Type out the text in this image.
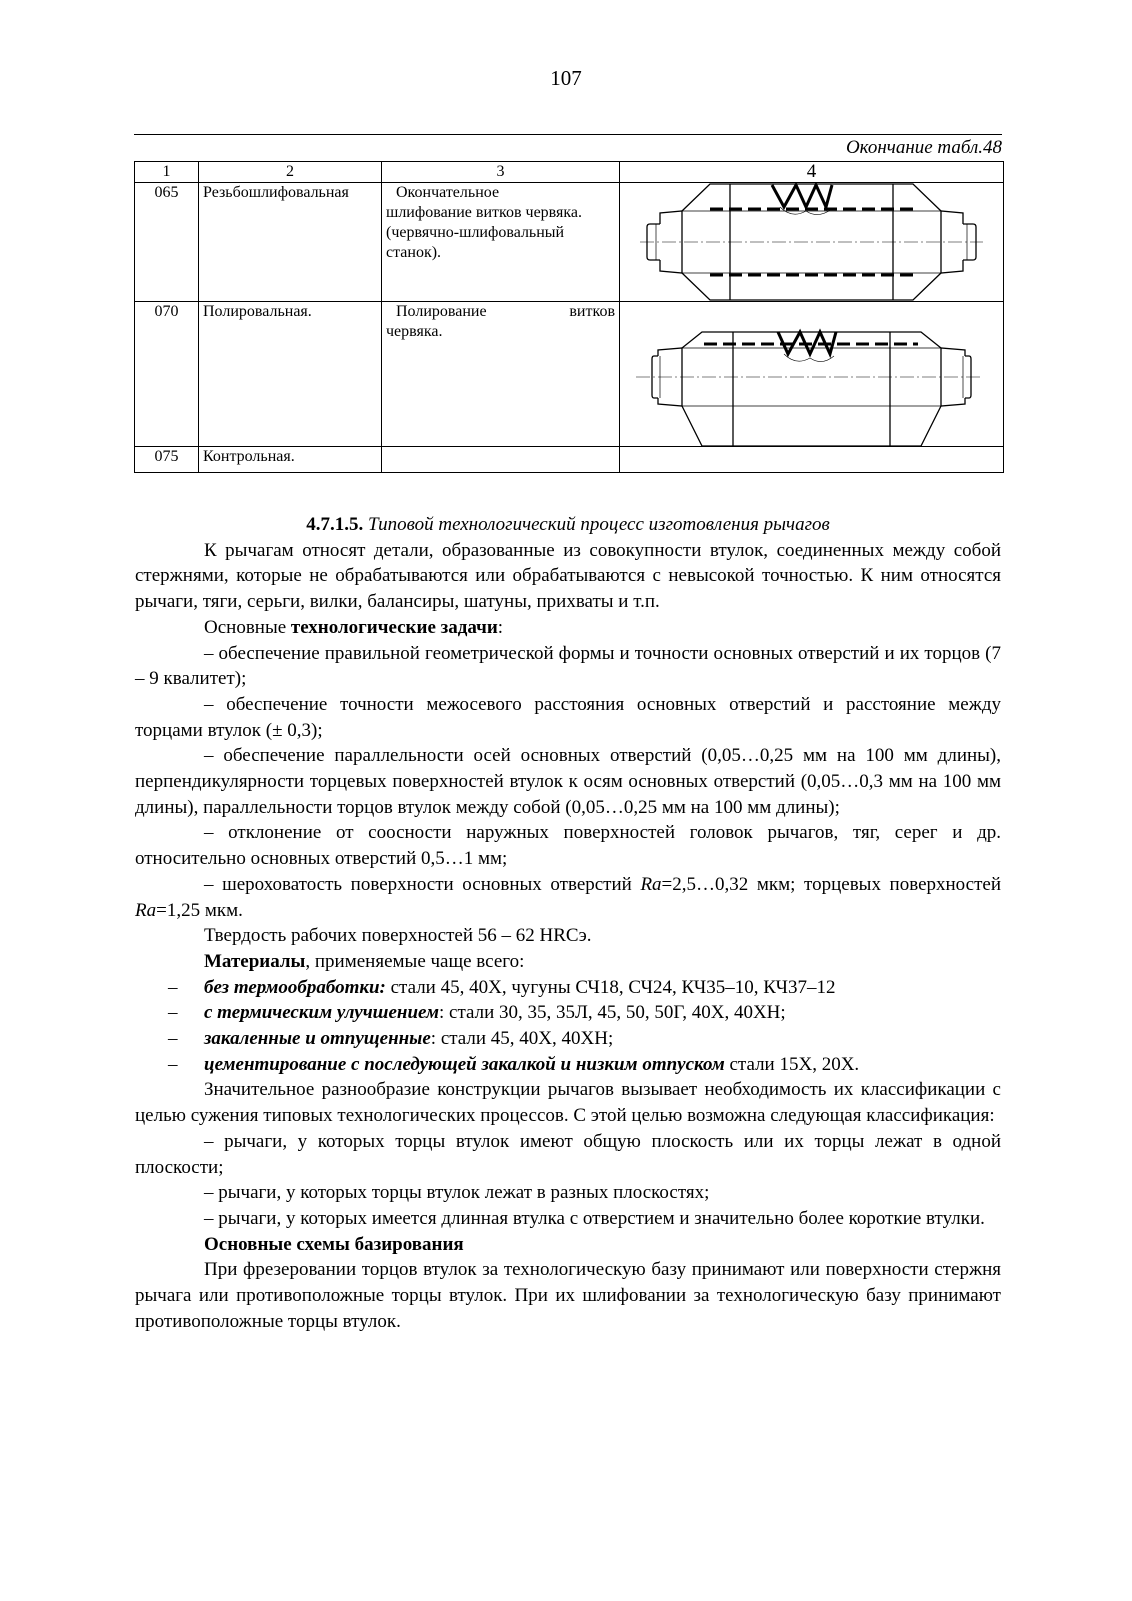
107
Окончание табл.48
1	2	3	4
065	Резьбошлифовальная	Окончательное
шлифование витков червяка. (червячно-шлифовальный станок).

070	Полировальная.	Полирование витков
червяка.

075	Контрольная.		

4.7.1.5. Типовой технологический процесс изготовления рычагов

К рычагам относят детали, образованные из совокупности втулок, соединенных между собой стержнями, которые не обрабатываются или обрабатываются с невысокой точностью. К ним относятся рычаги, тяги, серьги, вилки, балансиры, шатуны, прихваты и т.п.

Основные технологические задачи:

– обеспечение правильной геометрической формы и точности основных отверстий и их торцов (7 – 9 квалитет);

– обеспечение точности межосевого расстояния основных отверстий и расстояние между торцами втулок (± 0,3);

– обеспечение параллельности осей основных отверстий (0,05…0,25 мм на 100 мм длины), перпендикулярности торцевых поверхностей втулок к осям основных отверстий (0,05…0,3 мм на 100 мм длины), параллельности торцов втулок между собой (0,05…0,25 мм на 100 мм длины);

– отклонение от соосности наружных поверхностей головок рычагов, тяг, серег и др. относительно основных отверстий 0,5…1 мм;

– шероховатость поверхности основных отверстий Ra=2,5…0,32 мкм; торцевых поверхностей Ra=1,25 мкм.

Твердость рабочих поверхностей 56 – 62 HRCэ.

Материалы, применяемые чаще всего:

– без термообработки: стали 45, 40Х, чугуны СЧ18, СЧ24, КЧ35–10, КЧ37–12

– с термическим улучшением: стали 30, 35, 35Л, 45, 50, 50Г, 40Х, 40ХН;

– закаленные и отпущенные: стали 45, 40Х, 40ХН;

– цементирование с последующей закалкой и низким отпуском стали 15Х, 20Х.

Значительное разнообразие конструкции рычагов вызывает необходимость их классификации с целью сужения типовых технологических процессов. С этой целью возможна следующая классификация:

– рычаги, у которых торцы втулок имеют общую плоскость или их торцы лежат в одной плоскости;

– рычаги, у которых торцы втулок лежат в разных плоскостях;

– рычаги, у которых имеется длинная втулка с отверстием и значительно более короткие втулки.

Основные схемы базирования

При фрезеровании торцов втулок за технологическую базу принимают или поверхности стержня рычага или противоположные торцы втулок. При их шлифовании за технологическую базу принимают противоположные торцы втулок.
